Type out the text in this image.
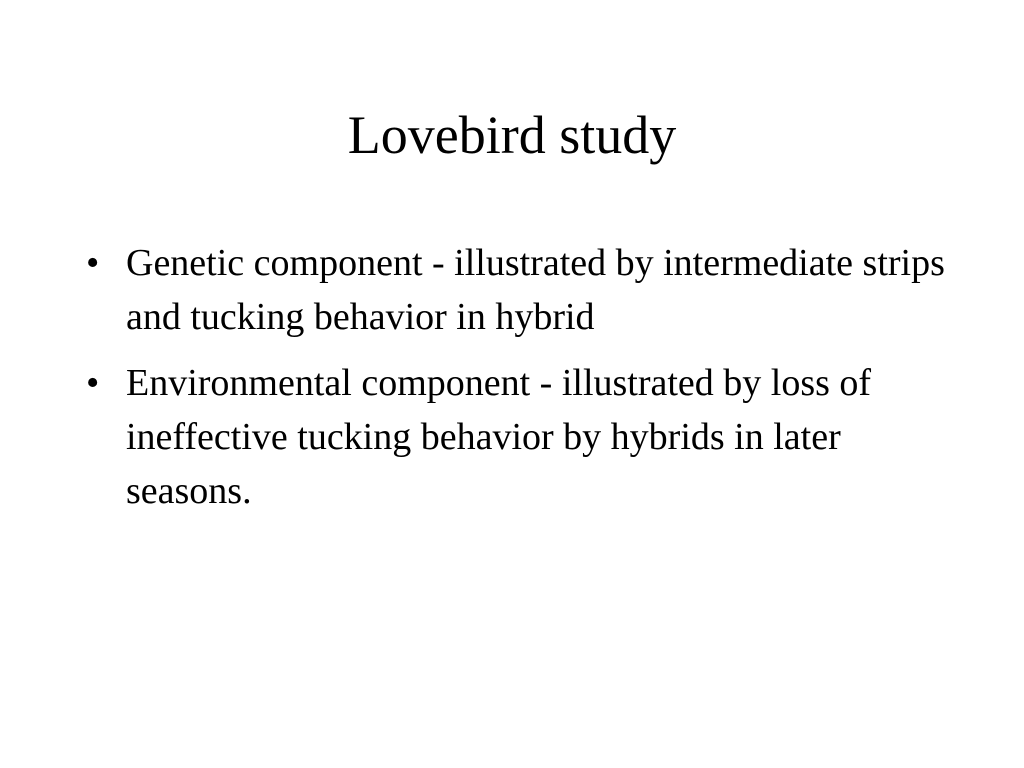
Lovebird study
• Genetic component - illustrated by intermediate strips and tucking behavior in hybrid
• Environmental component - illustrated by loss of ineffective tucking behavior by hybrids in later seasons.
